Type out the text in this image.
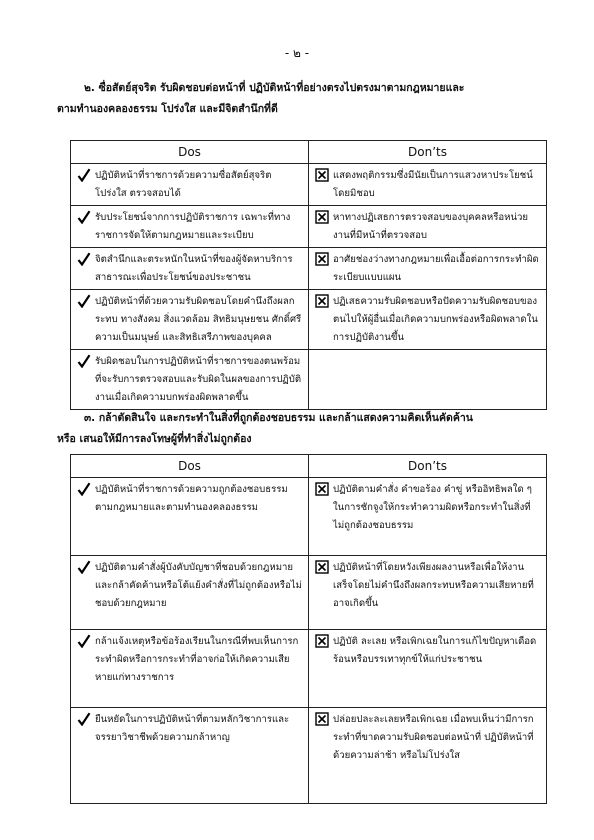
- ๒ -
๒. ซื่อสัตย์สุจริต รับผิดชอบต่อหน้าที่ ปฏิบัติหน้าที่อย่างตรงไปตรงมาตามกฎหมายและ
ตามทำนองคลองธรรม โปร่งใส และมีจิตสำนึกที่ดี
Dos	Don’ts

ปฏิบัติหน้าที่ราชการด้วยความซื่อสัตย์สุจริต โปร่งใส ตรวจสอบได้	แสดงพฤติกรรมซึ่งมีนัยเป็นการแสวงหาประโยชน์โดยมิชอบ

รับประโยชน์จากการปฏิบัติราชการ เฉพาะที่ทางราชการจัดให้ตามกฎหมายและระเบียบ	หาทางปฏิเสธการตรวจสอบของบุคคลหรือหน่วยงานที่มีหน้าที่ตรวจสอบ

จิตสำนึกและตระหนักในหน้าที่ของผู้จัดหาบริการสาธารณะเพื่อประโยชน์ของประชาชน	อาศัยช่องว่างทางกฎหมายเพื่อเอื้อต่อการกระทำผิดระเบียบแบบแผน

ปฏิบัติหน้าที่ด้วยความรับผิดชอบโดยคำนึงถึงผลกระทบ ทางสังคม สิ่งแวดล้อม สิทธิมนุษยชน ศักดิ์ศรีความเป็นมนุษย์ และสิทธิเสรีภาพของบุคคล	ปฏิเสธความรับผิดชอบหรือปัดความรับผิดชอบของตนไปให้ผู้อื่นเมื่อเกิดความบกพร่องหรือผิดพลาดในการปฏิบัติงานขึ้น

รับผิดชอบในการปฏิบัติหน้าที่ราชการของตนพร้อมที่จะรับการตรวจสอบและรับผิดในผลของการปฏิบัติงานเมื่อเกิดความบกพร่องผิดพลาดขึ้น	

๓. กล้าตัดสินใจ และกระทำในสิ่งที่ถูกต้องชอบธรรม และกล้าแสดงความคิดเห็นคัดค้าน
หรือ เสนอให้มีการลงโทษผู้ที่ทำสิ่งไม่ถูกต้อง
Dos	Don’ts

ปฏิบัติหน้าที่ราชการด้วยความถูกต้องชอบธรรมตามกฎหมายและตามทำนองคลองธรรม	ปฏิบัติตามคำสั่ง คำขอร้อง คำขู่ หรืออิทธิพลใด ๆ ในการชักจูงให้กระทำความผิดหรือกระทำในสิ่งที่ไม่ถูกต้องชอบธรรม

ปฏิบัติตามคำสั่งผู้บังคับบัญชาที่ชอบด้วยกฎหมาย และกล้าคัดค้านหรือโต้แย้งคำสั่งที่ไม่ถูกต้องหรือไม่ชอบด้วยกฎหมาย	ปฏิบัติหน้าที่โดยหวังเพียงผลงานหรือเพื่อให้งานเสร็จโดยไม่คำนึงถึงผลกระทบหรือความเสียหายที่อาจเกิดขึ้น

กล้าแจ้งเหตุหรือข้อร้องเรียนในกรณีที่พบเห็นการกระทำผิดหรือการกระทำที่อาจก่อให้เกิดความเสียหายแก่ทางราชการ	ปฏิบัติ ละเลย หรือเพิกเฉยในการแก้ไขปัญหาเดือดร้อนหรือบรรเทาทุกข์ให้แก่ประชาชน

ยืนหยัดในการปฏิบัติหน้าที่ตามหลักวิชาการและจรรยาวิชาชีพด้วยความกล้าหาญ	ปล่อยปละละเลยหรือเพิกเฉย เมื่อพบเห็นว่ามีการกระทำที่ขาดความรับผิดชอบต่อหน้าที่ ปฏิบัติหน้าที่ ด้วยความล่าช้า หรือไม่โปร่งใส
